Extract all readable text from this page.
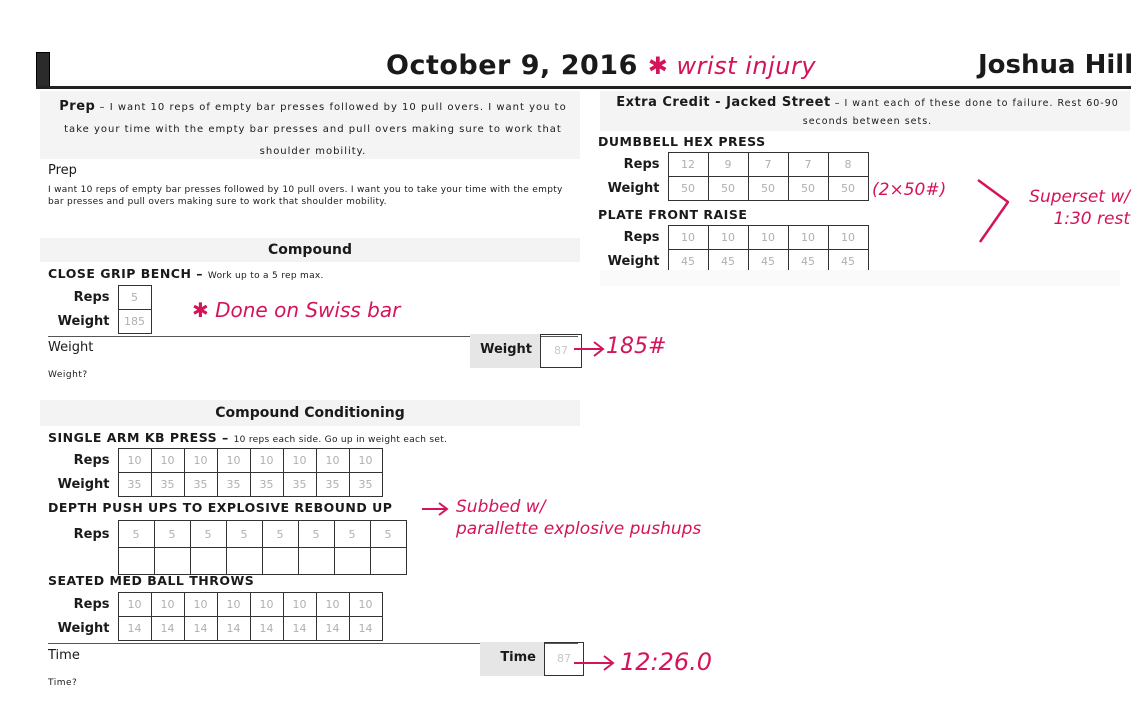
October 9, 2016 ✱ wrist injury	Joshua Hill
Prep – I want 10 reps of empty bar presses followed by 10 pull overs. I want you to take your time with the empty bar presses and pull overs making sure to work that shoulder mobility.
Prep
I want 10 reps of empty bar presses followed by 10 pull overs. I want you to take your time with the empty bar presses and pull overs making sure to work that shoulder mobility.
Compound
CLOSE GRIP BENCH – Work up to a 5 rep max.
Reps	5
Weight	185 ✱ Done on Swiss bar
Weight
Weight?
Weight	87	185#
Compound Conditioning
SINGLE ARM KB PRESS – 10 reps each side. Go up in weight each set.
Reps	10	10	10	10	10	10	10	10
Weight	35	35	35	35	35	35	35	35
DEPTH PUSH UPS TO EXPLOSIVE REBOUND UP	Subbed w/
parallette explosive pushups
Reps	5	5	5	5	5	5	5	5

SEATED MED BALL THROWS
Reps	10	10	10	10	10	10	10	10
Weight	14	14	14	14	14	14	14	14
Time
Time?
Time	87	12:26.0
Extra Credit - Jacked Street – I want each of these done to failure. Rest 60-90 seconds between sets.
DUMBBELL HEX PRESS
Reps	12	9	7	7	8
Weight	50	50	50	50	50 (2×50#)
PLATE FRONT RAISE
Reps	10	10	10	10	10
Weight	45	45	45	45	45
Superset w/
1:30 rest
